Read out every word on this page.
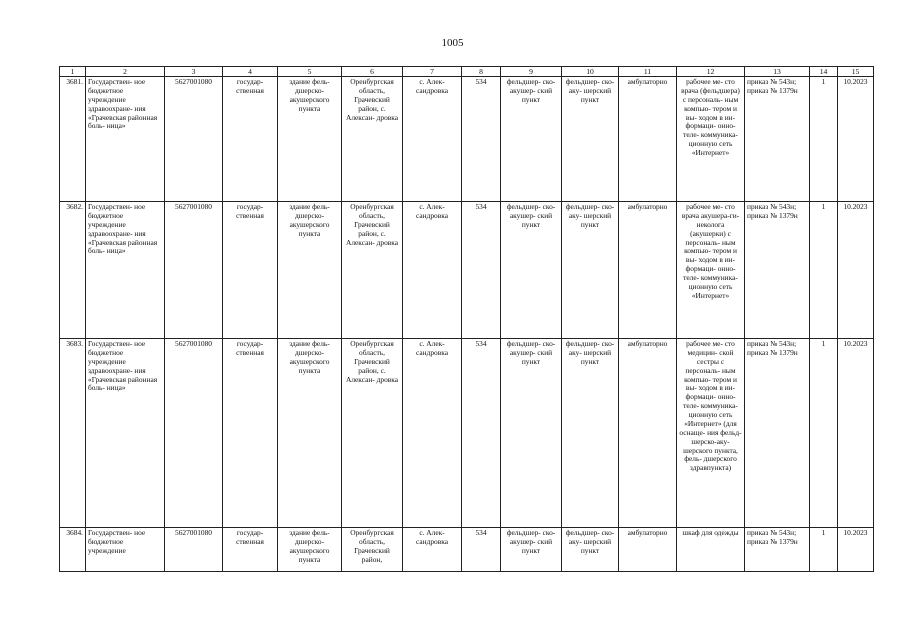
1005
1	2	3	4	5	6	7	8	9	10	11	12	13	14	15
3681.	Государствен- ное бюджетное учреждение здравоохране- ния «Грачевская районная боль- ница»	5627001080	государ- ственная	здание фель- дшерско- акушерского пункта	Оренбургская область, Грачевский район, с. Алексан- дровка	с. Алек- сандровка	534	фельдшер- ско-акушер- ский пункт	фельдшер- ско-аку- шерский пункт	амбулаторно	рабочее ме- сто врача (фельдшера) с персональ- ным компью- тером и вы- ходом в ин- формаци- онно-теле- коммуника- ционную сеть «Интернет»	приказ № 543н; приказ № 1379н	1	10.2023
3682.	Государствен- ное бюджетное учреждение здравоохране- ния «Грачевская районная боль- ница»	5627001080	государ- ственная	здание фель- дшерско- акушерского пункта	Оренбургская область, Грачевский район, с. Алексан- дровка	с. Алек- сандровка	534	фельдшер- ско-акушер- ский пункт	фельдшер- ско-аку- шерский пункт	амбулаторно	рабочее ме- сто врача акушера-ги- неколога (акушерки) с персональ- ным компью- тером и вы- ходом в ин- формаци- онно-теле- коммуника- ционную сеть «Интернет»	приказ № 543н; приказ № 1379н	1	10.2023
3683.	Государствен- ное бюджетное учреждение здравоохране- ния «Грачевская районная боль- ница»	5627001080	государ- ственная	здание фель- дшерско- акушерского пункта	Оренбургская область, Грачевский район, с. Алексан- дровка	с. Алек- сандровка	534	фельдшер- ско-акушер- ский пункт	фельдшер- ско-аку- шерский пункт	амбулаторно	рабочее ме- сто медицин- ской сестры с персональ- ным компью- тером и вы- ходом в ин- формаци- онно-теле- коммуника- ционную сеть «Интернет» (для оснаще- ния фельд- шерско-аку- шерского пункта, фель- дшерского здравпункта)	приказ № 543н; приказ № 1379н	1	10.2023
3684.	Государствен- ное бюджетное учреждение	5627001080	государ- ственная	здание фель- дшерско- акушерского пункта	Оренбургская область, Грачевский район,	с. Алек- сандровка	534	фельдшер- ско-акушер- ский пункт	фельдшер- ско-аку- шерский пункт	амбулаторно	шкаф для одежды	приказ № 543н; приказ № 1379н	1	10.2023
